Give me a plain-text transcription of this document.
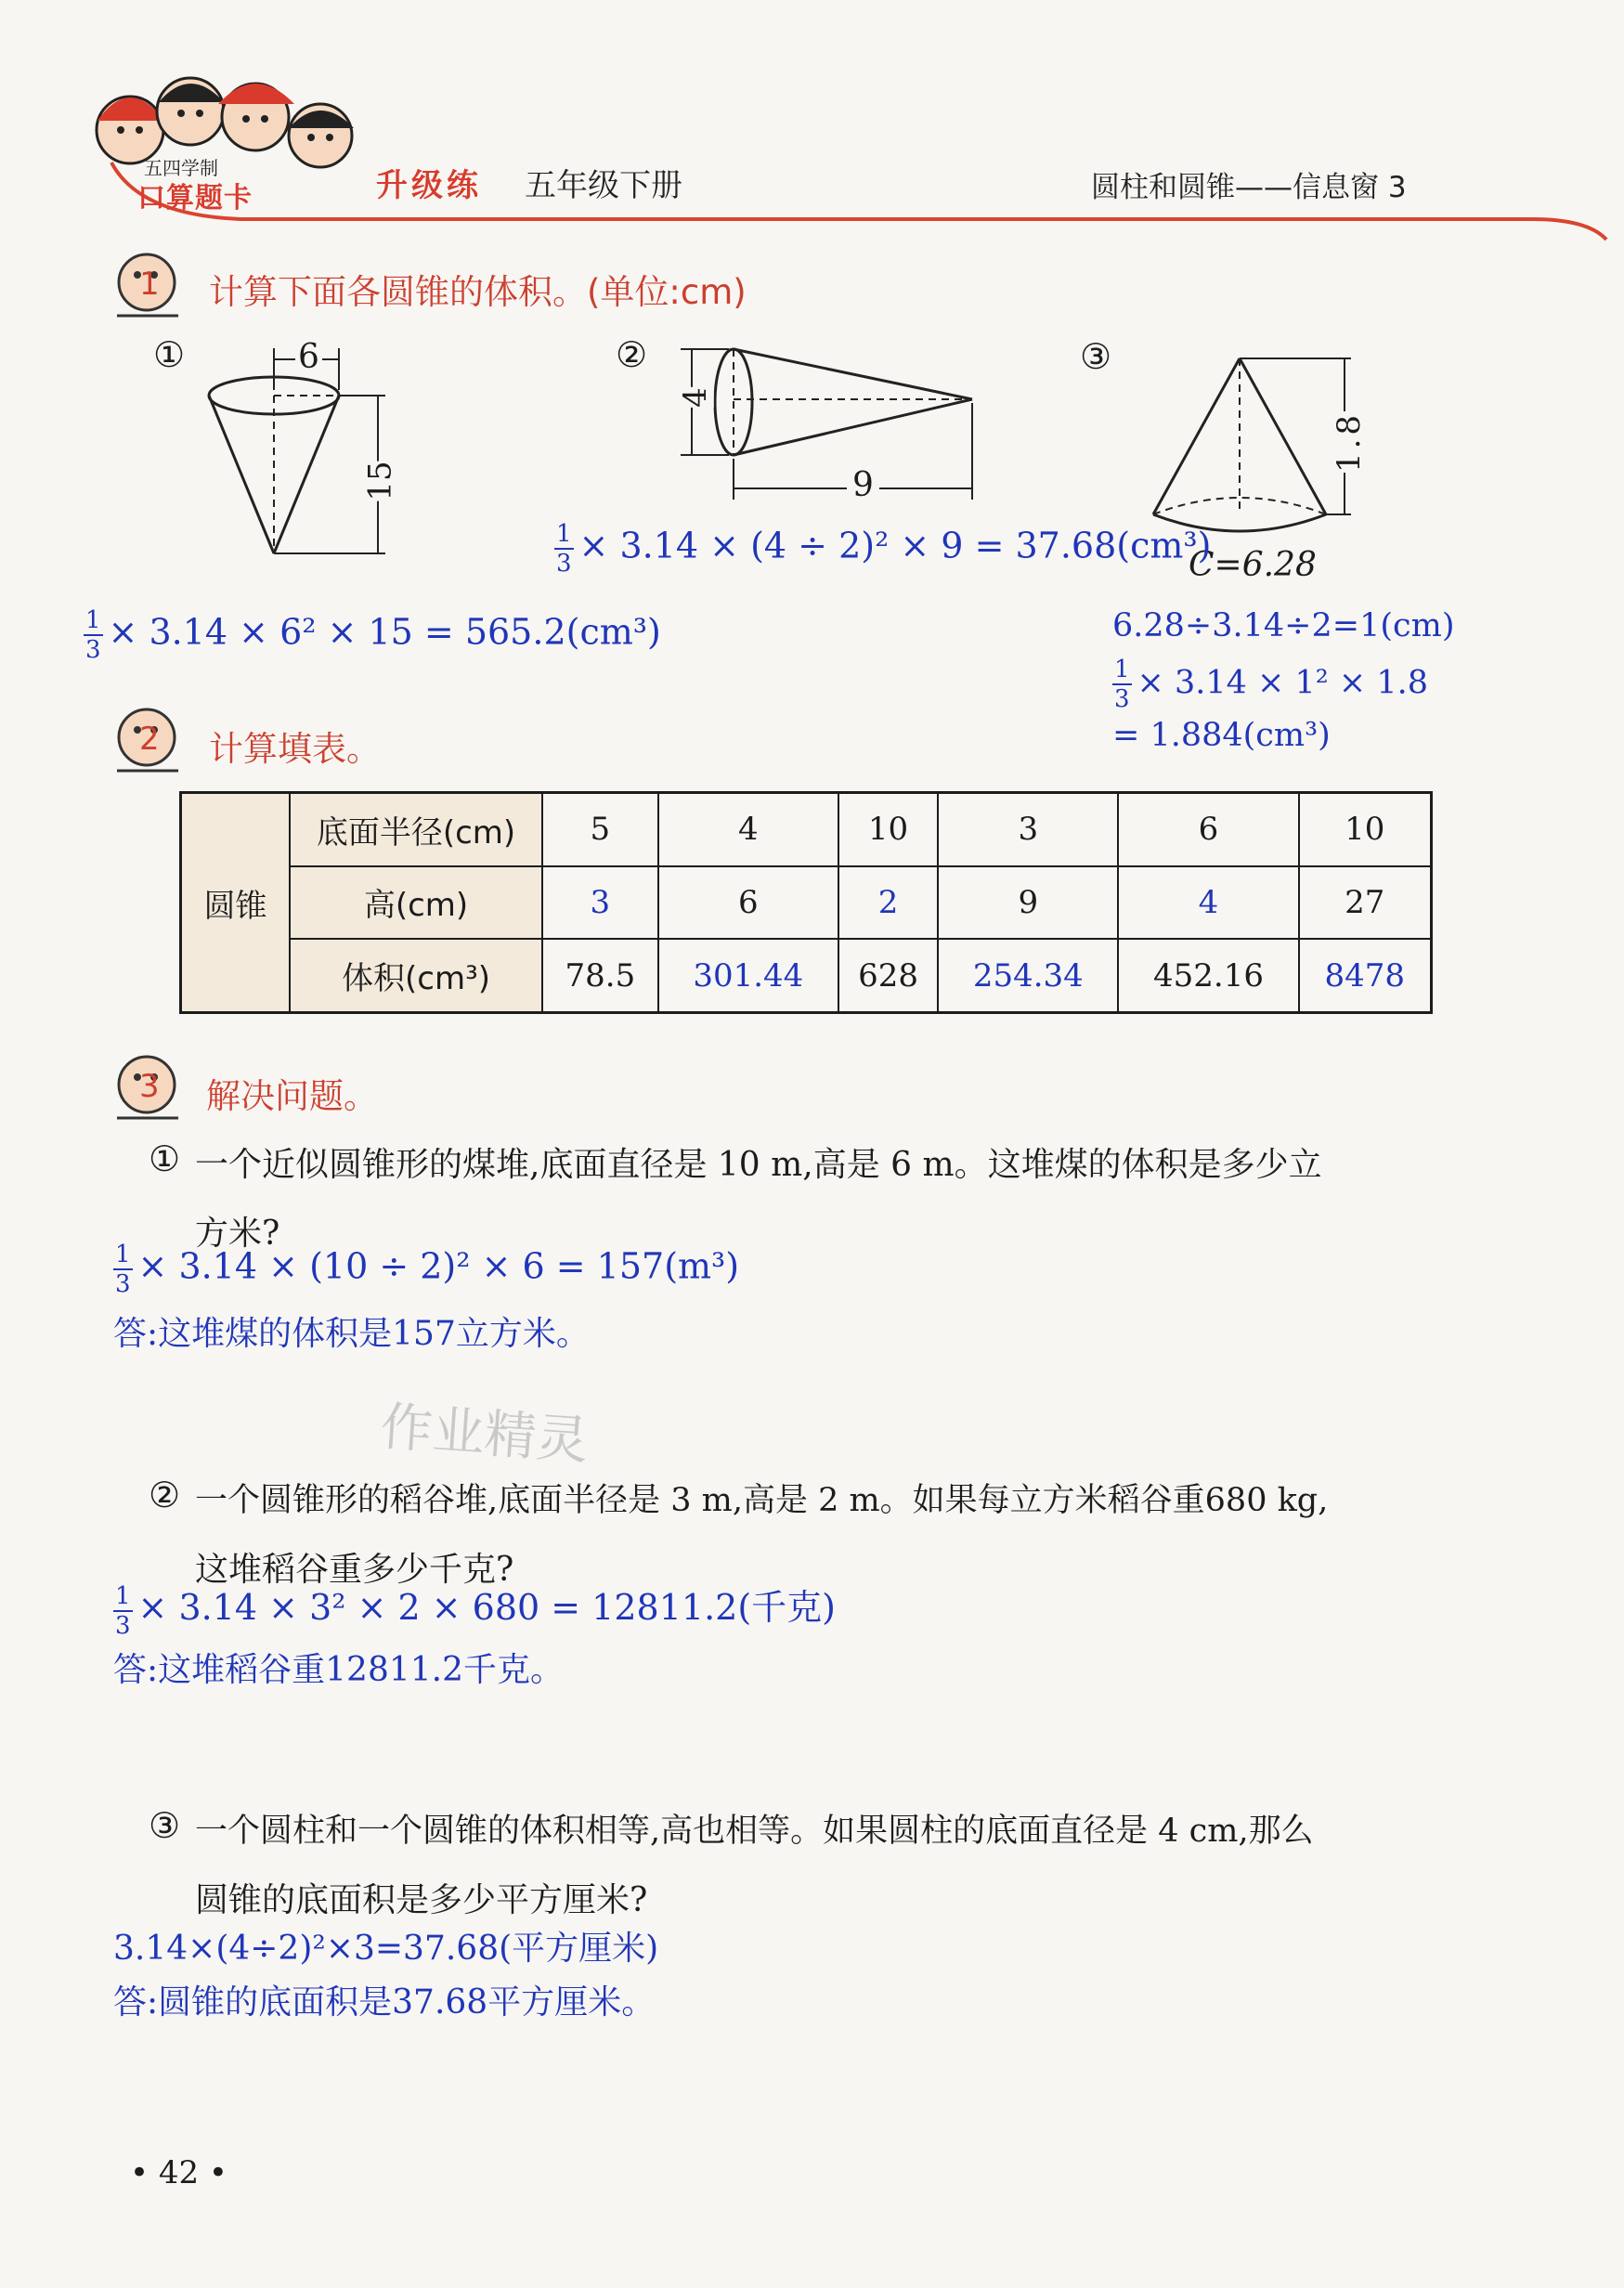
五四学制
口算题卡	升级练 五年级下册	圆柱和圆锥——信息窗 3
1 计算下面各圆锥的体积。(单位:cm)
①	6
15
②
4
9
③
1.8
C=6.28
$\frac{1}{3} \times 3.14 \times (4 \div 2)^2 \times 9 = 37.68(cm^3)$
$\frac{1}{3} \times 3.14 \times 6^2 \times 15 = 565.2(cm^3)$	6.28÷3.14÷2=1(cm)
$\frac{1}{3} \times 3.14 \times 1^2 \times 1.8$
= 1.884(cm³)
2 计算填表。
圆锥	底面半径(cm)	5	4	10	3	6	10
	高(cm)	3	6	2	9	4	27
	体积(cm³)	78.5	301.44	628	254.34	452.16	8478
3 解决问题。
① 一个近似圆锥形的煤堆,底面直径是 10 m,高是 6 m。这堆煤的体积是多少立
方米?
$\frac{1}{3} \times 3.14 \times (10 \div 2)^2 \times 6 = 157(m^3)$
答:这堆煤的体积是157立方米。
作业精灵
② 一个圆锥形的稻谷堆,底面半径是 3 m,高是 2 m。如果每立方米稻谷重680 kg,
这堆稻谷重多少千克?
$\frac{1}{3} \times 3.14 \times 3^2 \times 2 \times 680 = 12811.2$(千克)
答:这堆稻谷重12811.2千克。
③ 一个圆柱和一个圆锥的体积相等,高也相等。如果圆柱的底面直径是 4 cm,那么
圆锥的底面积是多少平方厘米?
3.14×(4÷2)²×3=37.68(平方厘米)
答:圆锥的底面积是37.68平方厘米。
• 42 •
